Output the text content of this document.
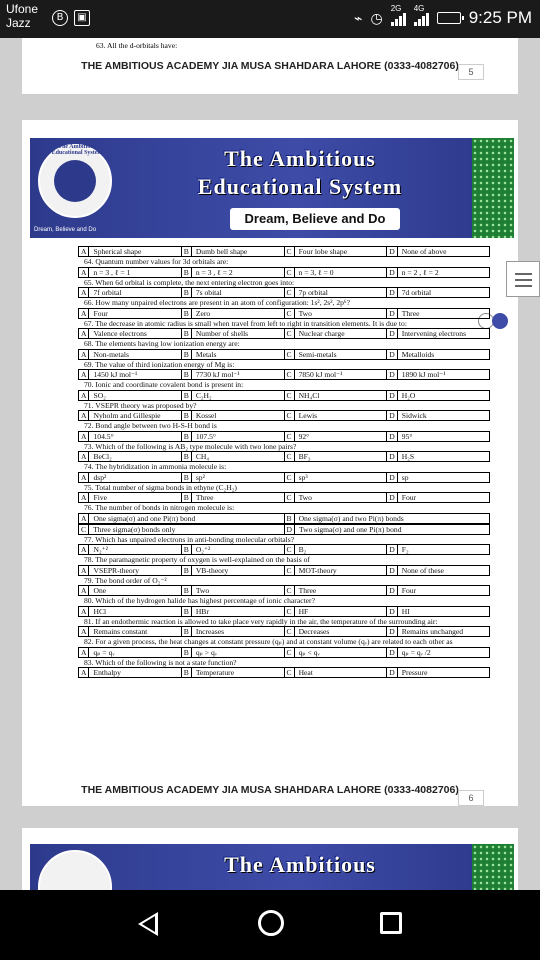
Ufone
Jazz	B	▣	⌁ ◷
2G 4G	9:25 PM
63. All the d-orbitals have:
THE AMBITIOUS ACADEMY JIA MUSA SHAHDARA LAHORE (0333-4082706)	5
The Ambitious Educational System	The Ambitious
Educational System
Dream, Believe and Do
Dream, Believe and Do
A Spherical shape	B Dumb bell shape	C Four lobe shape	D None of above
64. Quantum number values for 3d orbitals are:
A n = 3 , ℓ = 1	B n = 3 , ℓ = 2	C n = 3, ℓ = 0	D n = 2 , ℓ = 2
65. When 6d orbital is complete, the next entering electron goes into:
A 7f orbital	B 7s obital	C 7p orbital	D 7d orbital
66. How many unpaired electrons are present in an atom of configuration: 1s², 2s², 2p⁶?
A Four	B Zero	C Two	D Three
67. The decrease in atomic radius is small when travel from left to right in transition elements. It is due to:
A Valence electrons	B Number of shells	C Nuclear charge	D Intervening electrons
68. The elements having low ionization energy are:
A Non-metals	B Metals	C Semi-metals	D Metalloids
69. The value of third ionization energy of Mg is:
A 1450 kJ mol⁻¹	B 7730 kJ mol⁻¹	C 7850 kJ mol⁻¹	D 1890 kJ mol⁻¹
70. Ionic and coordinate covalent bond is present in:
A SO₂	B C₂H₂	C NH₄Cl	D H₂O
71. VSEPR theory was proposed by?
A Nyholm and Gillespie	B Kossel	C Lewis	D Sidwick
72. Bond angle between two H-S-H bond is
A 104.5°	B 107.5°	C 92°	D 95°
73. Which of the following is AB₂ type molecule with two lone pairs?
A BeCl₂	B CH₄	C BF₃	D H₂S
74. The hybridization in ammonia molecule is:
A dsp²	B sp²	C sp³	D sp
75. Total number of sigma bonds in ethyne (C₂H₂)
A Five	B Three	C Two	D Four
76. The number of bonds in nitrogen molecule is:
A One sigma(σ) and one Pi(π) bond	B One sigma(σ) and two Pi(π) bonds
C Three sigma(σ) bonds only	D Two sigma(σ) and one Pi(π) bond
77. Which has unpaired electrons in anti-bonding molecular orbitals?
A N₂⁺²	B O₂⁺²	C B₂	D F₂
78. The paramagnetic property of oxygen is well-explained on the basis of
A VSEPR-theory	B VB-theory	C MOT-theory	D None of these
79. The bond order of O₂⁻²
A One	B Two	C Three	D Four
80. Which of the hydrogen halide has highest percentage of ionic character?
A HCl	B HBr	C HF	D HI
81. If an endothermic reaction is allowed to take place very rapidly in the air, the temperature of the surrounding air:
A Remains constant	B Increases	C Decreases	D Remains unchanged
82. For a given process, the heat changes at constant pressure (qₚ) and at constant volume (qᵥ) are related to each other as
A qₚ = qᵥ	B qₚ > qᵥ	C qₚ < qᵥ	D qₚ = qᵥ /2
83. Which of the following is not a state function?
A Enthalpy	B Temperature	C Heat	D Pressure
THE AMBITIOUS ACADEMY JIA MUSA SHAHDARA LAHORE (0333-4082706)
6
The Ambitious
